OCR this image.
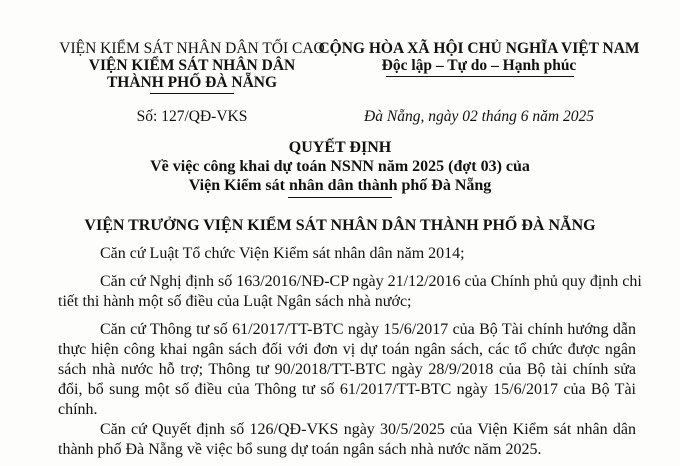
VIỆN KIỂM SÁT NHÂN DÂN TỐI CAO
VIỆN KIỂM SÁT NHÂN DÂN
THÀNH PHỐ ĐÀ NẴNG
Số: 127/QĐ-VKS
CỘNG HÒA XÃ HỘI CHỦ NGHĨA VIỆT NAM
Độc lập – Tự do – Hạnh phúc
Đà Nẵng, ngày 02 tháng 6 năm 2025
QUYẾT ĐỊNH
Về việc công khai dự toán NSNN năm 2025 (đợt 03) của
Viện Kiểm sát nhân dân thành phố Đà Nẵng
VIỆN TRƯỞNG VIỆN KIỂM SÁT NHÂN DÂN THÀNH PHỐ ĐÀ NẴNG
Căn cứ Luật Tổ chức Viện Kiểm sát nhân dân năm 2014;
Căn cứ Nghị định số 163/2016/NĐ-CP ngày 21/12/2016 của Chính phủ quy định chi
tiết thi hành một số điều của Luật Ngân sách nhà nước;
Căn cứ Thông tư số 61/2017/TT-BTC ngày 15/6/2017 của Bộ Tài chính hướng dẫn
thực hiện công khai ngân sách đối với đơn vị dự toán ngân sách, các tổ chức được ngân
sách nhà nước hỗ trợ; Thông tư 90/2018/TT-BTC ngày 28/9/2018 của Bộ tài chính sửa
đổi, bổ sung một số điều của Thông tư số 61/2017/TT-BTC ngày 15/6/2017 của Bộ Tài
chính.
Căn cứ Quyết định số 126/QĐ-VKS ngày 30/5/2025 của Viện Kiểm sát nhân dân
thành phố Đà Nẵng về việc bổ sung dự toán ngân sách nhà nước năm 2025.
